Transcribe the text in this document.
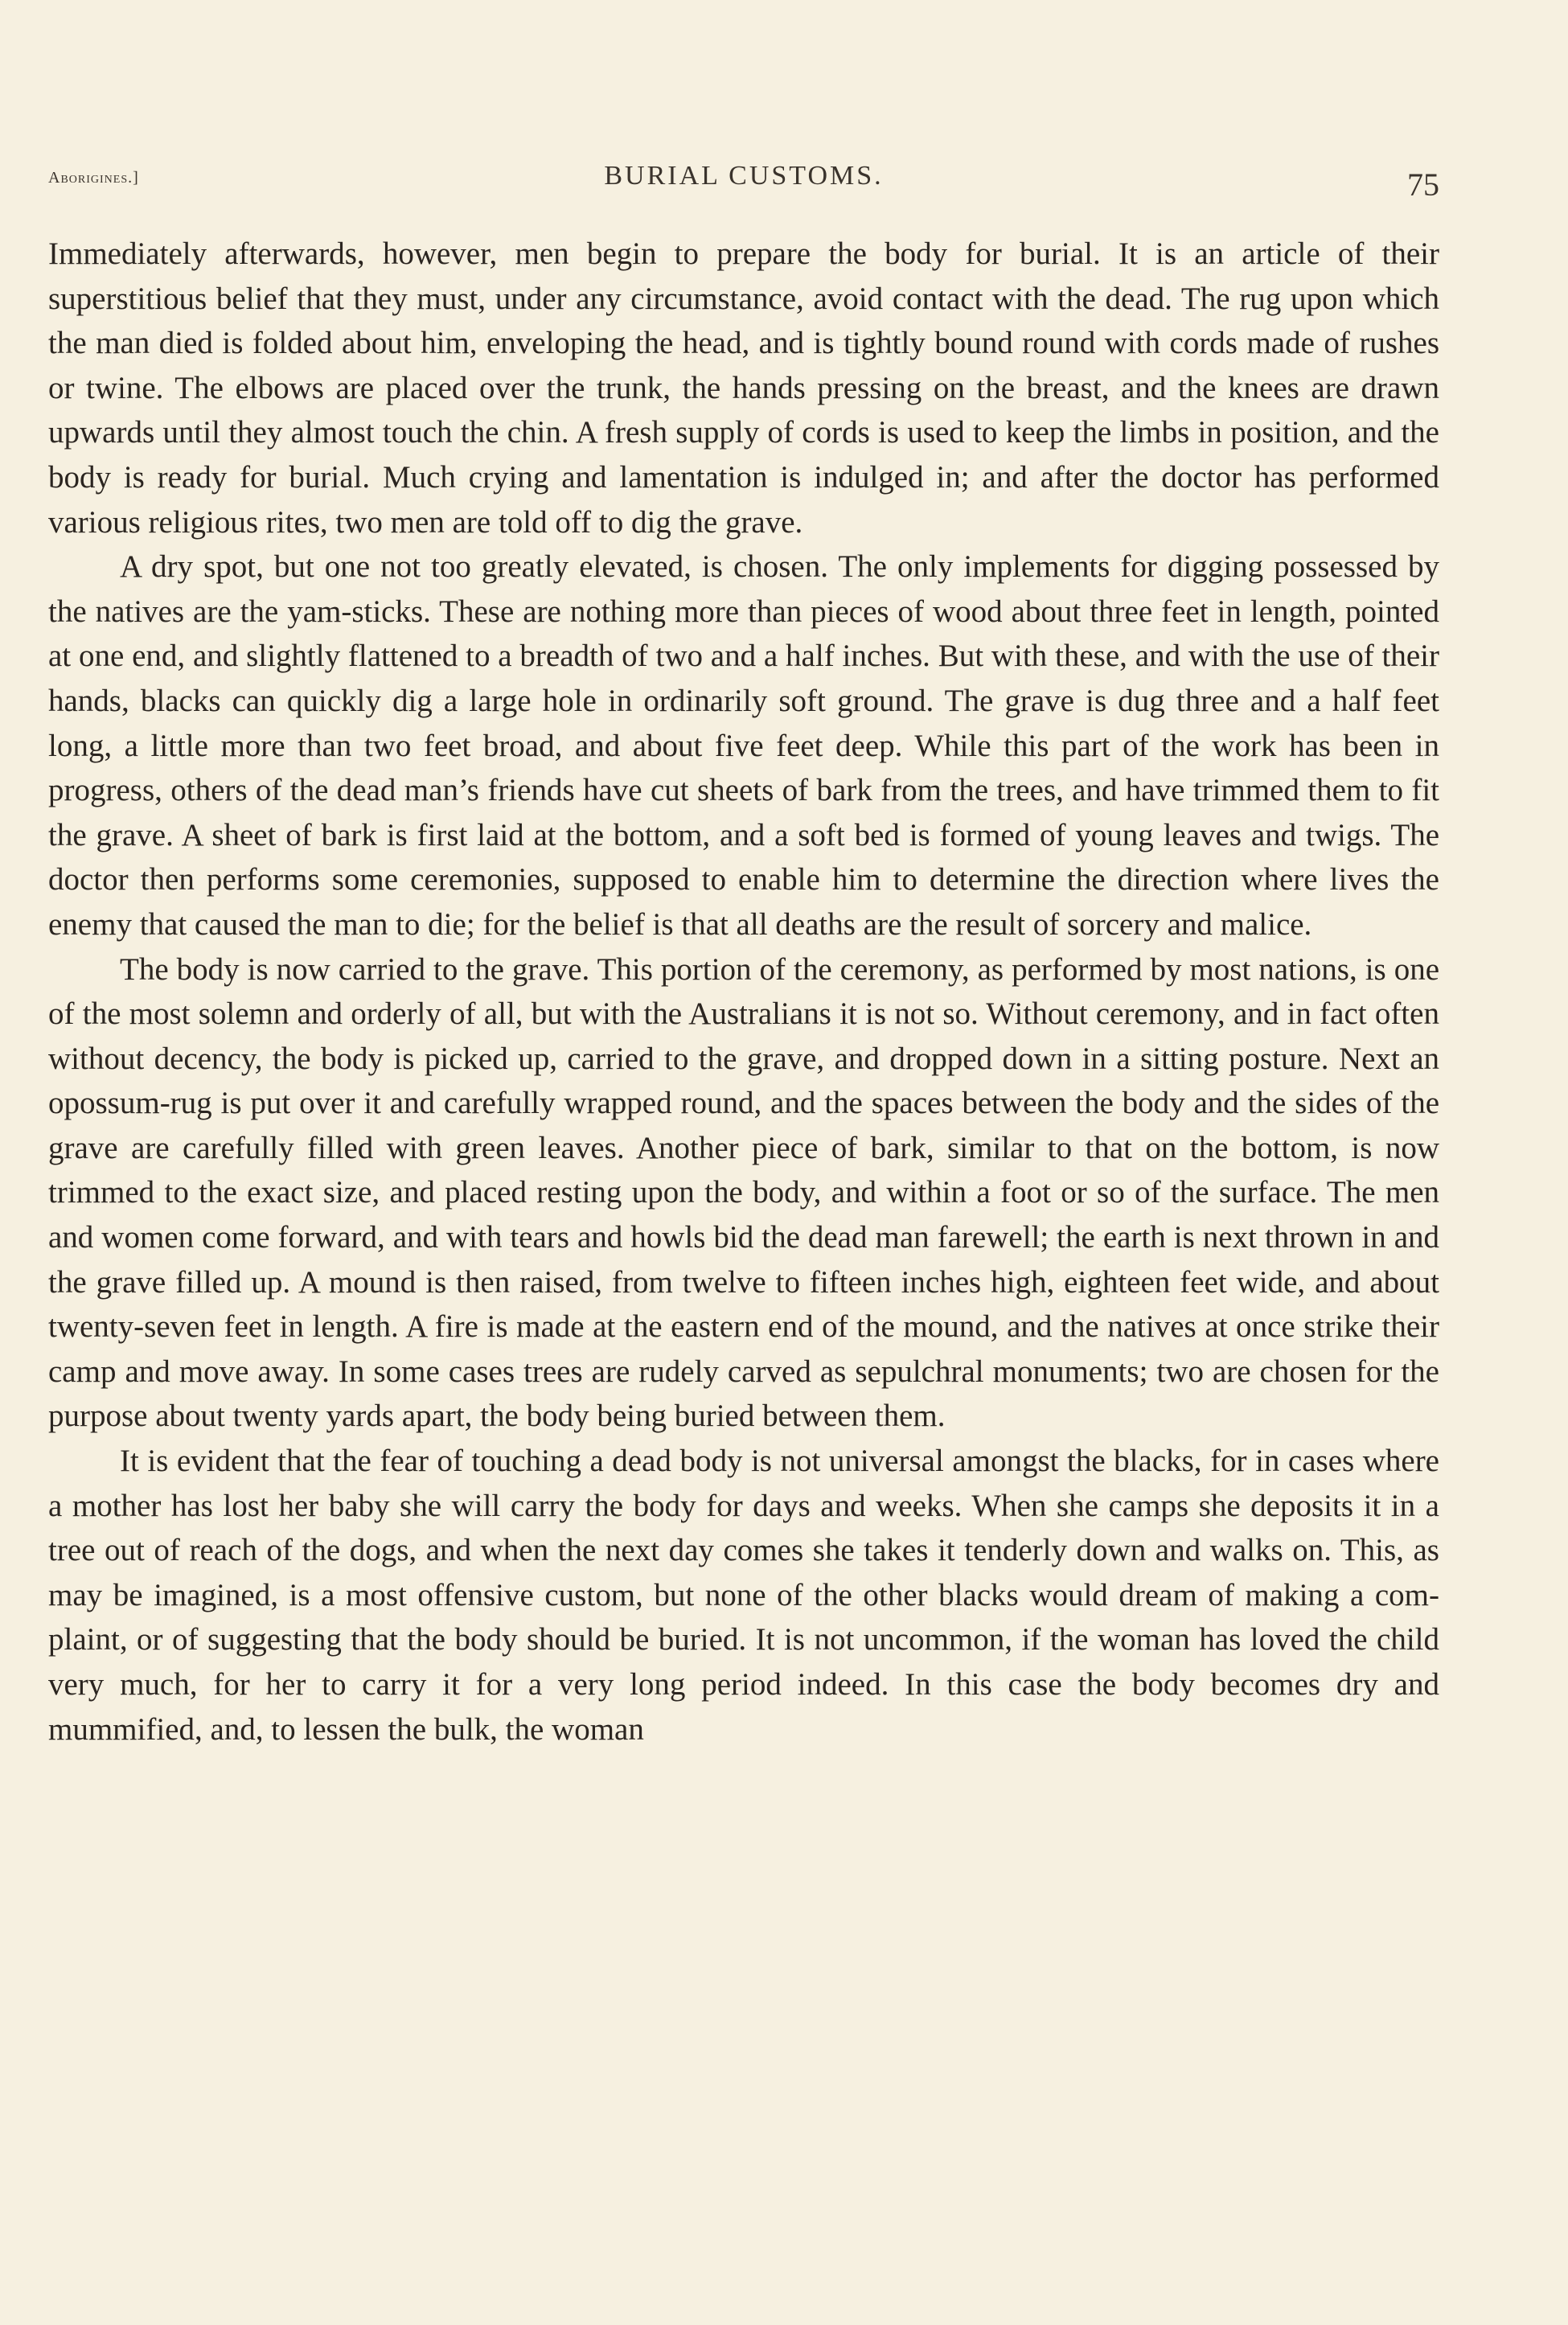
Aborigines.]	BURIAL CUSTOMS.	75

Immediately afterwards, however, men begin to prepare the body for burial. It is an article of their superstitious belief that they must, under any circumstance, avoid contact with the dead. The rug upon which the man died is folded about him, enveloping the head, and is tightly bound round with cords made of rushes or twine. The elbows are placed over the trunk, the hands pressing on the breast, and the knees are drawn upwards until they almost touch the chin. A fresh supply of cords is used to keep the limbs in position, and the body is ready for burial. Much crying and lamentation is indulged in; and after the doctor has performed various religious rites, two men are told off to dig the grave.

A dry spot, but one not too greatly elevated, is chosen. The only implements for digging possessed by the natives are the yam-sticks. These are nothing more than pieces of wood about three feet in length, pointed at one end, and slightly flattened to a breadth of two and a half inches. But with these, and with the use of their hands, blacks can quickly dig a large hole in ordinarily soft ground. The grave is dug three and a half feet long, a little more than two feet broad, and about five feet deep. While this part of the work has been in progress, others of the dead man’s friends have cut sheets of bark from the trees, and have trimmed them to fit the grave. A sheet of bark is first laid at the bottom, and a soft bed is formed of young leaves and twigs. The doctor then performs some ceremonies, supposed to enable him to determine the direction where lives the enemy that caused the man to die; for the belief is that all deaths are the result of sorcery and malice.

The body is now carried to the grave. This portion of the ceremony, as performed by most nations, is one of the most solemn and orderly of all, but with the Australians it is not so. Without ceremony, and in fact often without decency, the body is picked up, carried to the grave, and dropped down in a sitting posture. Next an opossum-rug is put over it and carefully wrapped round, and the spaces between the body and the sides of the grave are carefully filled with green leaves. Another piece of bark, similar to that on the bottom, is now trimmed to the exact size, and placed resting upon the body, and within a foot or so of the surface. The men and women come forward, and with tears and howls bid the dead man farewell; the earth is next thrown in and the grave filled up. A mound is then raised, from twelve to fifteen inches high, eighteen feet wide, and about twenty-seven feet in length. A fire is made at the eastern end of the mound, and the natives at once strike their camp and move away. In some cases trees are rudely carved as sepulchral monuments; two are chosen for the purpose about twenty yards apart, the body being buried between them.

It is evident that the fear of touching a dead body is not universal amongst the blacks, for in cases where a mother has lost her baby she will carry the body for days and weeks. When she camps she deposits it in a tree out of reach of the dogs, and when the next day comes she takes it tenderly down and walks on. This, as may be imagined, is a most offensive custom, but none of the other blacks would dream of making a complaint, or of suggesting that the body should be buried. It is not uncommon, if the woman has loved the child very much, for her to carry it for a very long period indeed. In this case the body becomes dry and mummified, and, to lessen the bulk, the woman
